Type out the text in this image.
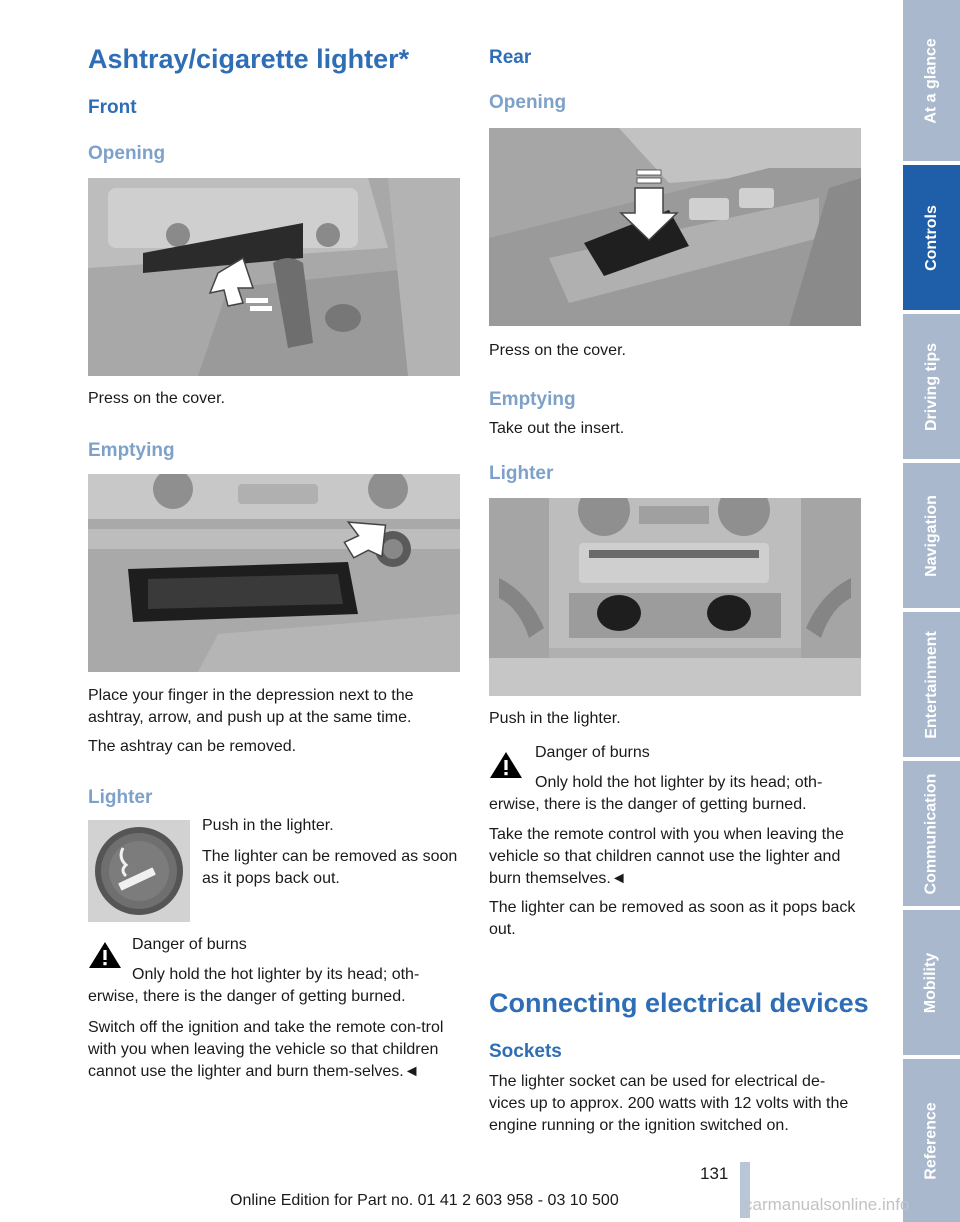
Ashtray/cigarette lighter*
Front
Opening
Press on the cover.
Emptying
Place your finger in the depression next to the ashtray, arrow, and push up at the same time.
The ashtray can be removed.
Lighter
Push in the lighter.
The lighter can be removed as soon as it pops back out.
Danger of burns
Only hold the hot lighter by its head; oth-
erwise, there is the danger of getting burned.
Switch off the ignition and take the remote con-trol with you when leaving the vehicle so that children cannot use the lighter and burn them-selves.◄
Rear
Opening
Press on the cover.
Emptying
Take out the insert.
Lighter
Push in the lighter.
Danger of burns
Only hold the hot lighter by its head; oth-
erwise, there is the danger of getting burned.
Take the remote control with you when leaving the vehicle so that children cannot use the lighter and burn themselves.◄
The lighter can be removed as soon as it pops back out.
Connecting electrical devices
Sockets
The lighter socket can be used for electrical de-vices up to approx. 200 watts with 12 volts with the engine running or the ignition switched on.
At a glance
Controls
Driving tips
Navigation
Entertainment
Communication
Mobility
Reference
131
Online Edition for Part no. 01 41 2 603 958 - 03 10 500	carmanualsonline.info
